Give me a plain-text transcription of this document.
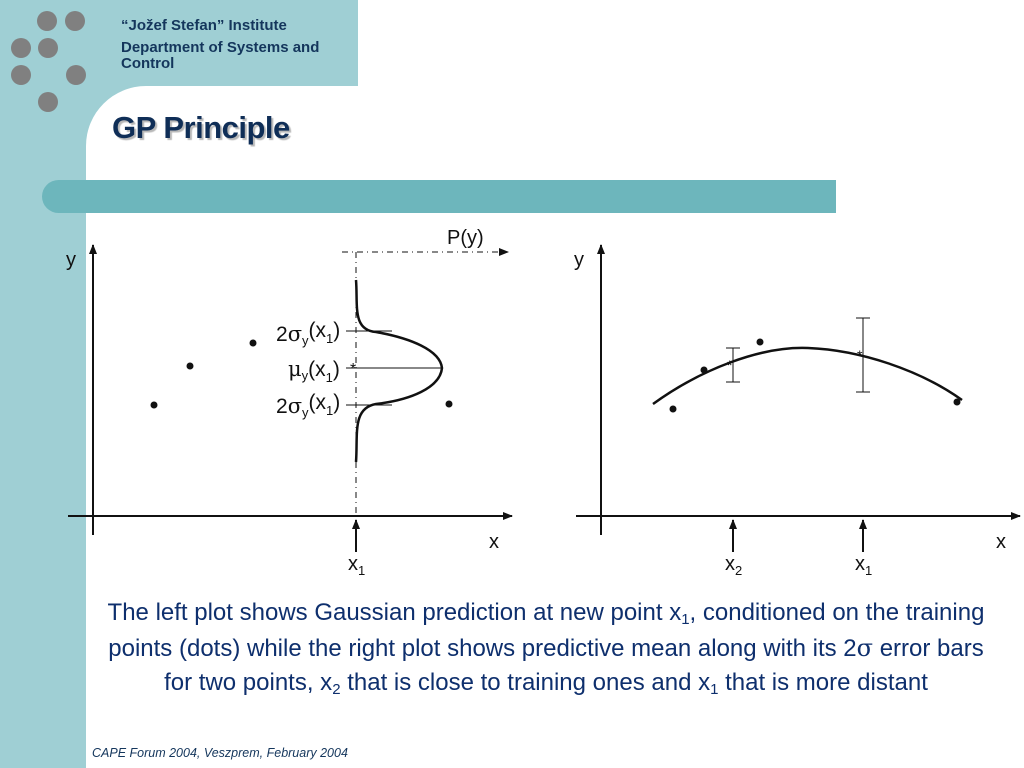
“Jožef Stefan” Institute
Department of Systems and Control
GP Principle
y
x
P(y)
*
$2\sigma y(x_1)$
$\mu y(x_1)$
$2\sigma y(x_1)$
$x_1$
y
x
*
*
$x_2$	$x_1$

The left plot shows Gaussian prediction at new point $x_1$, conditioned on the training points (dots) while the right plot shows predictive mean along with its 2σ error bars for two points, $x_2$ that is close to training ones and $x_1$ that is more distant

CAPE Forum 2004, Veszprem, February 2004
